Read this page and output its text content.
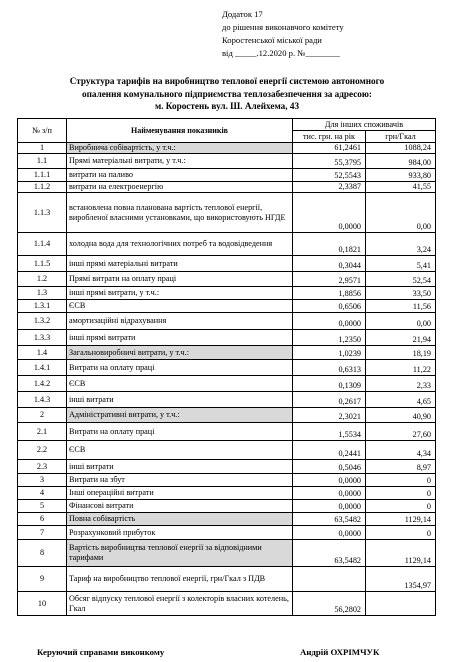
Додаток 17
до рішення виконавчого комітету
Коростенської міської ради
від _____.12.2020 р. №________
Структура тарифів на виробництво теплової енергії системою автономного
опалення комунального підприємства теплозабезпечення за адресою:
м. Коростень вул. Ш. Алейхема, 43
№ з/п	Найменування показників	Для інших споживачів	
		тис. грн. на рік	грн/Гкал
1	Виробнича собівартість, у т.ч.:	61,2461	1088,24
1.1	Прямі матеріальні витрати, у т.ч.:	55,3795	984,00
1.1.1	витрати на паливо	52,5543	933,80
1.1.2	витрати на електроенергію	2,3387	41,55
1.1.3	встановлена повна планована вартість теплової енергії, виробленої власними установками, що використовують НГДЕ	0,0000	0,00
1.1.4	холодна вода для технологічних потреб та водовідведення	0,1821	3,24
1.1.5	інші прямі матеріальні витрати	0,3044	5,41
1.2	Прямі витрати на оплату праці	2,9571	52,54
1.3	інші прямі витрати, у т.ч.:	1,8856	33,50
1.3.1	ЄСВ	0,6506	11,56
1.3.2	амортизаційні відрахування	0,0000	0,00
1.3.3	інші прямі витрати	1,2350	21,94
1.4	Загальновиробничі витрати, у т.ч.:	1,0239	18,19
1.4.1	Витрати на оплату праці	0,6313	11,22
1.4.2	ЄСВ	0,1309	2,33
1.4.3	інші витрати	0,2617	4,65
2	Адміністративні витрати, у т.ч.:	2,3021	40,90
2.1	Витрати на оплату праці	1,5534	27,60
2.2	ЄСВ	0,2441	4,34
2.3	інші витрати	0,5046	8,97
3	Витрати на збут	0,0000	0
4	Інші операційні витрати	0,0000	0
5	Фінансові витрати	0,0000	0
6	Повна собівартість	63,5482	1129,14
7	Розрахунковий прибуток	0,0000	0
8	Вартість виробництва теплової енергії за відповідними тарифами	63,5482	1129,14
9	Тариф на виробництво теплової енергії, грн/Гкал з ПДВ		1354,97
10	Обсяг відпуску теплової енергії з колекторів власних котелень, Гкал	56,2802	
Керуючий справами виконкому	Андрій ОХРІМЧУК
